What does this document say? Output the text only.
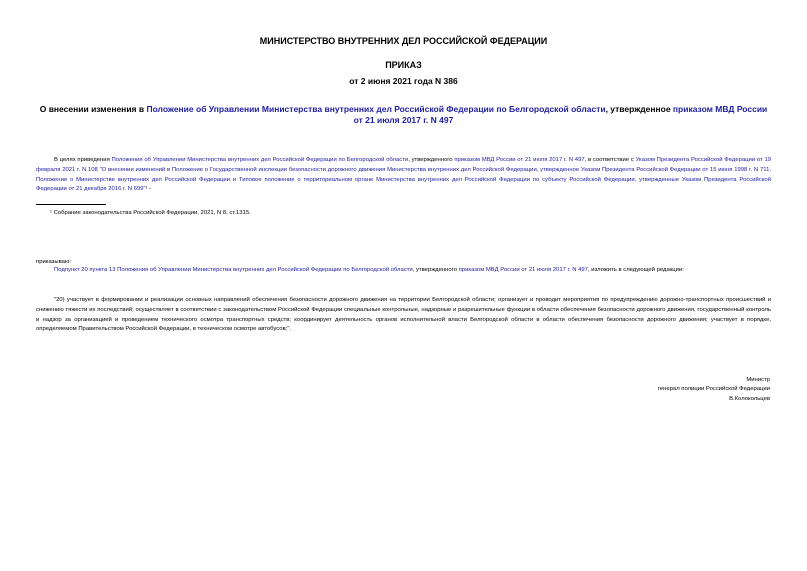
МИНИСТЕРСТВО ВНУТРЕННИХ ДЕЛ РОССИЙСКОЙ ФЕДЕРАЦИИ
ПРИКАЗ
от 2 июня 2021 года N 386
О внесении изменения в Положение об Управлении Министерства внутренних дел Российской Федерации по Белгородской области, утвержденное приказом МВД России от 21 июля 2017 г. N 497
В целях приведения Положения об Управлении Министерства внутренних дел Российской Федерации по Белгородской области, утвержденного приказом МВД России от 21 июля 2017 г. N 497, в соответствие с Указом Президента Российской Федерации от 19 февраля 2021 г. N 108 "О внесении изменений в Положение о Государственной инспекции безопасности дорожного движения Министерства внутренних дел Российской Федерации, утвержденное Указом Президента Российской Федерации от 15 июня 1998 г. N 711, Положение о Министерстве внутренних дел Российской Федерации и Типовое положение о территориальном органе Министерства внутренних дел Российской Федерации по субъекту Российской Федерации, утвержденные Указом Президента Российской Федерации от 21 декабря 2016 г. N 699"¹ -
¹ Собрание законодательства Российской Федерации, 2021, N 8, ст.1315.
приказываю:
Подпункт 20 пункта 13 Положения об Управлении Министерства внутренних дел Российской Федерации по Белгородской области, утвержденного приказом МВД России от 21 июля 2017 г. N 497, изложить в следующей редакции:
"20) участвует в формировании и реализации основных направлений обеспечения безопасности дорожного движения на территории Белгородской области; организует и проводит мероприятия по предупреждению дорожно-транспортных происшествий и снижению тяжести их последствий; осуществляет в соответствии с законодательством Российской Федерации специальные контрольные, надзорные и разрешительные функции в области обеспечения безопасности дорожного движения, государственный контроль и надзор за организацией и проведением технического осмотра транспортных средств; координирует деятельность органов исполнительной власти Белгородской области в области обеспечения безопасности дорожного движения; участвует в порядке, определяемом Правительством Российской Федерации, в техническом осмотре автобусов;".
Министр
генерал полиции Российской Федерации
В.Колокольцев
